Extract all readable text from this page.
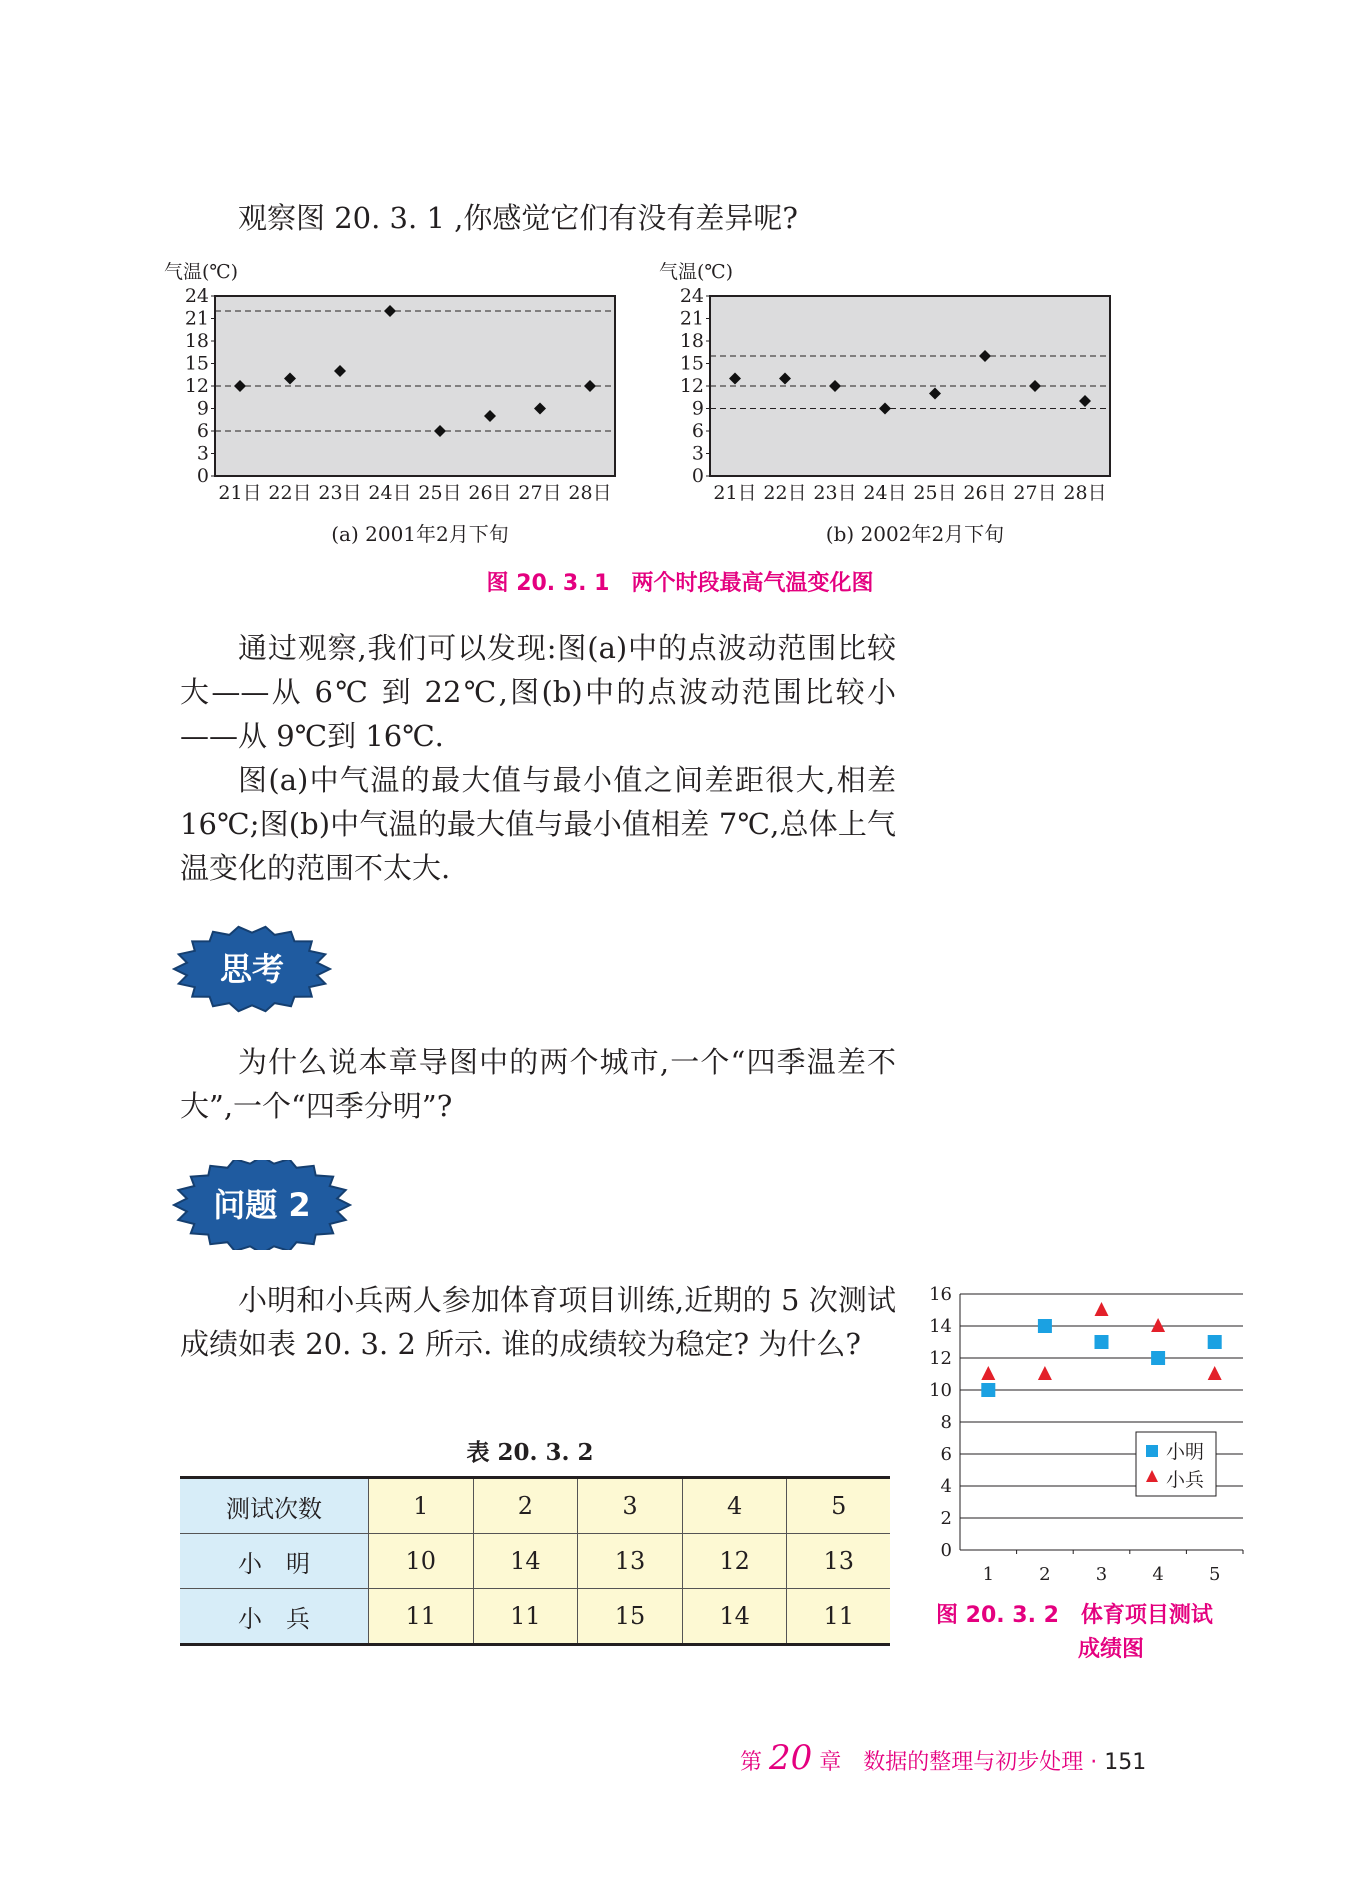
观察图 20. 3. 1 ,你感觉它们有没有差异呢?

气温(℃)
0
3
6
9
12
15
18
21
24
21日 22日 23日 24日 25日 26日 27日 28日
气温(℃)
0
3
6
9
12
15
18
21
24
21日 22日 23日 24日 25日 26日 27日 28日
(a) 2001年2月下旬	(b) 2002年2月下旬
图 20. 3. 1　两个时段最高气温变化图

通过观察,我们可以发现:图(a)中的点波动范围比较大——从 6℃ 到 22℃,图(b)中的点波动范围比较小——从 9℃到 16℃.

图(a)中气温的最大值与最小值之间差距很大,相差 16℃;图(b)中气温的最大值与最小值相差 7℃,总体上气温变化的范围不太大.

思考

为什么说本章导图中的两个城市,一个“四季温差不大”,一个“四季分明”?

问题 2

小明和小兵两人参加体育项目训练,近期的 5 次测试成绩如表 20. 3. 2 所示. 谁的成绩较为稳定? 为什么?

表 20. 3. 2
测试次数	1	2	3	4	5
小　明	10	14	13	12	13
小　兵	11	11	15	14	11
0
2
4
6
8
10
12
14
16
1	2	3	4	5
小明
小兵
图 20. 3. 2　体育项目测试
成绩图
第 20 章　数据的整理与初步处理 · 151
